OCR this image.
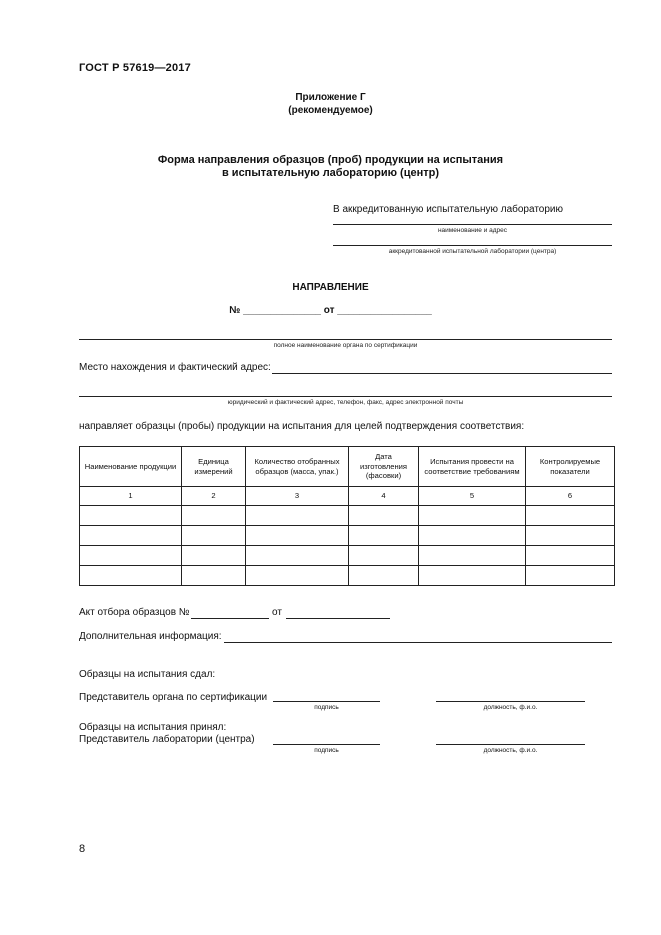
ГОСТ Р 57619—2017
Приложение Г
(рекомендуемое)
Форма направления образцов (проб) продукции на испытания
в испытательную лабораторию (центр)
В аккредитованную испытательную лабораторию
наименование и адрес
аккредитованной испытательной лаборатории (центра)
НАПРАВЛЕНИЕ
№ ______________ от _________________
полное наименование органа по сертификации
Место нахождения и фактический адрес:
юридический и фактический адрес, телефон, факс, адрес электронной почты
направляет образцы (пробы) продукции на испытания для целей подтверждения соответствия:
Наименование продукции	Единица измерений	Количество отобранных образцов (масса, упак.)	Дата изготовления (фасовки)	Испытания провести на соответствие требованиям	Контролируемые показатели
1	2	3	4	5	6

Акт отбора образцов №	от
Дополнительная информация:
Образцы на испытания сдал:
Представитель органа по сертификации
подпись	должность, ф.и.о.
Образцы на испытания принял:
Представитель лаборатории (центра)
подпись	должность, ф.и.о.
8
